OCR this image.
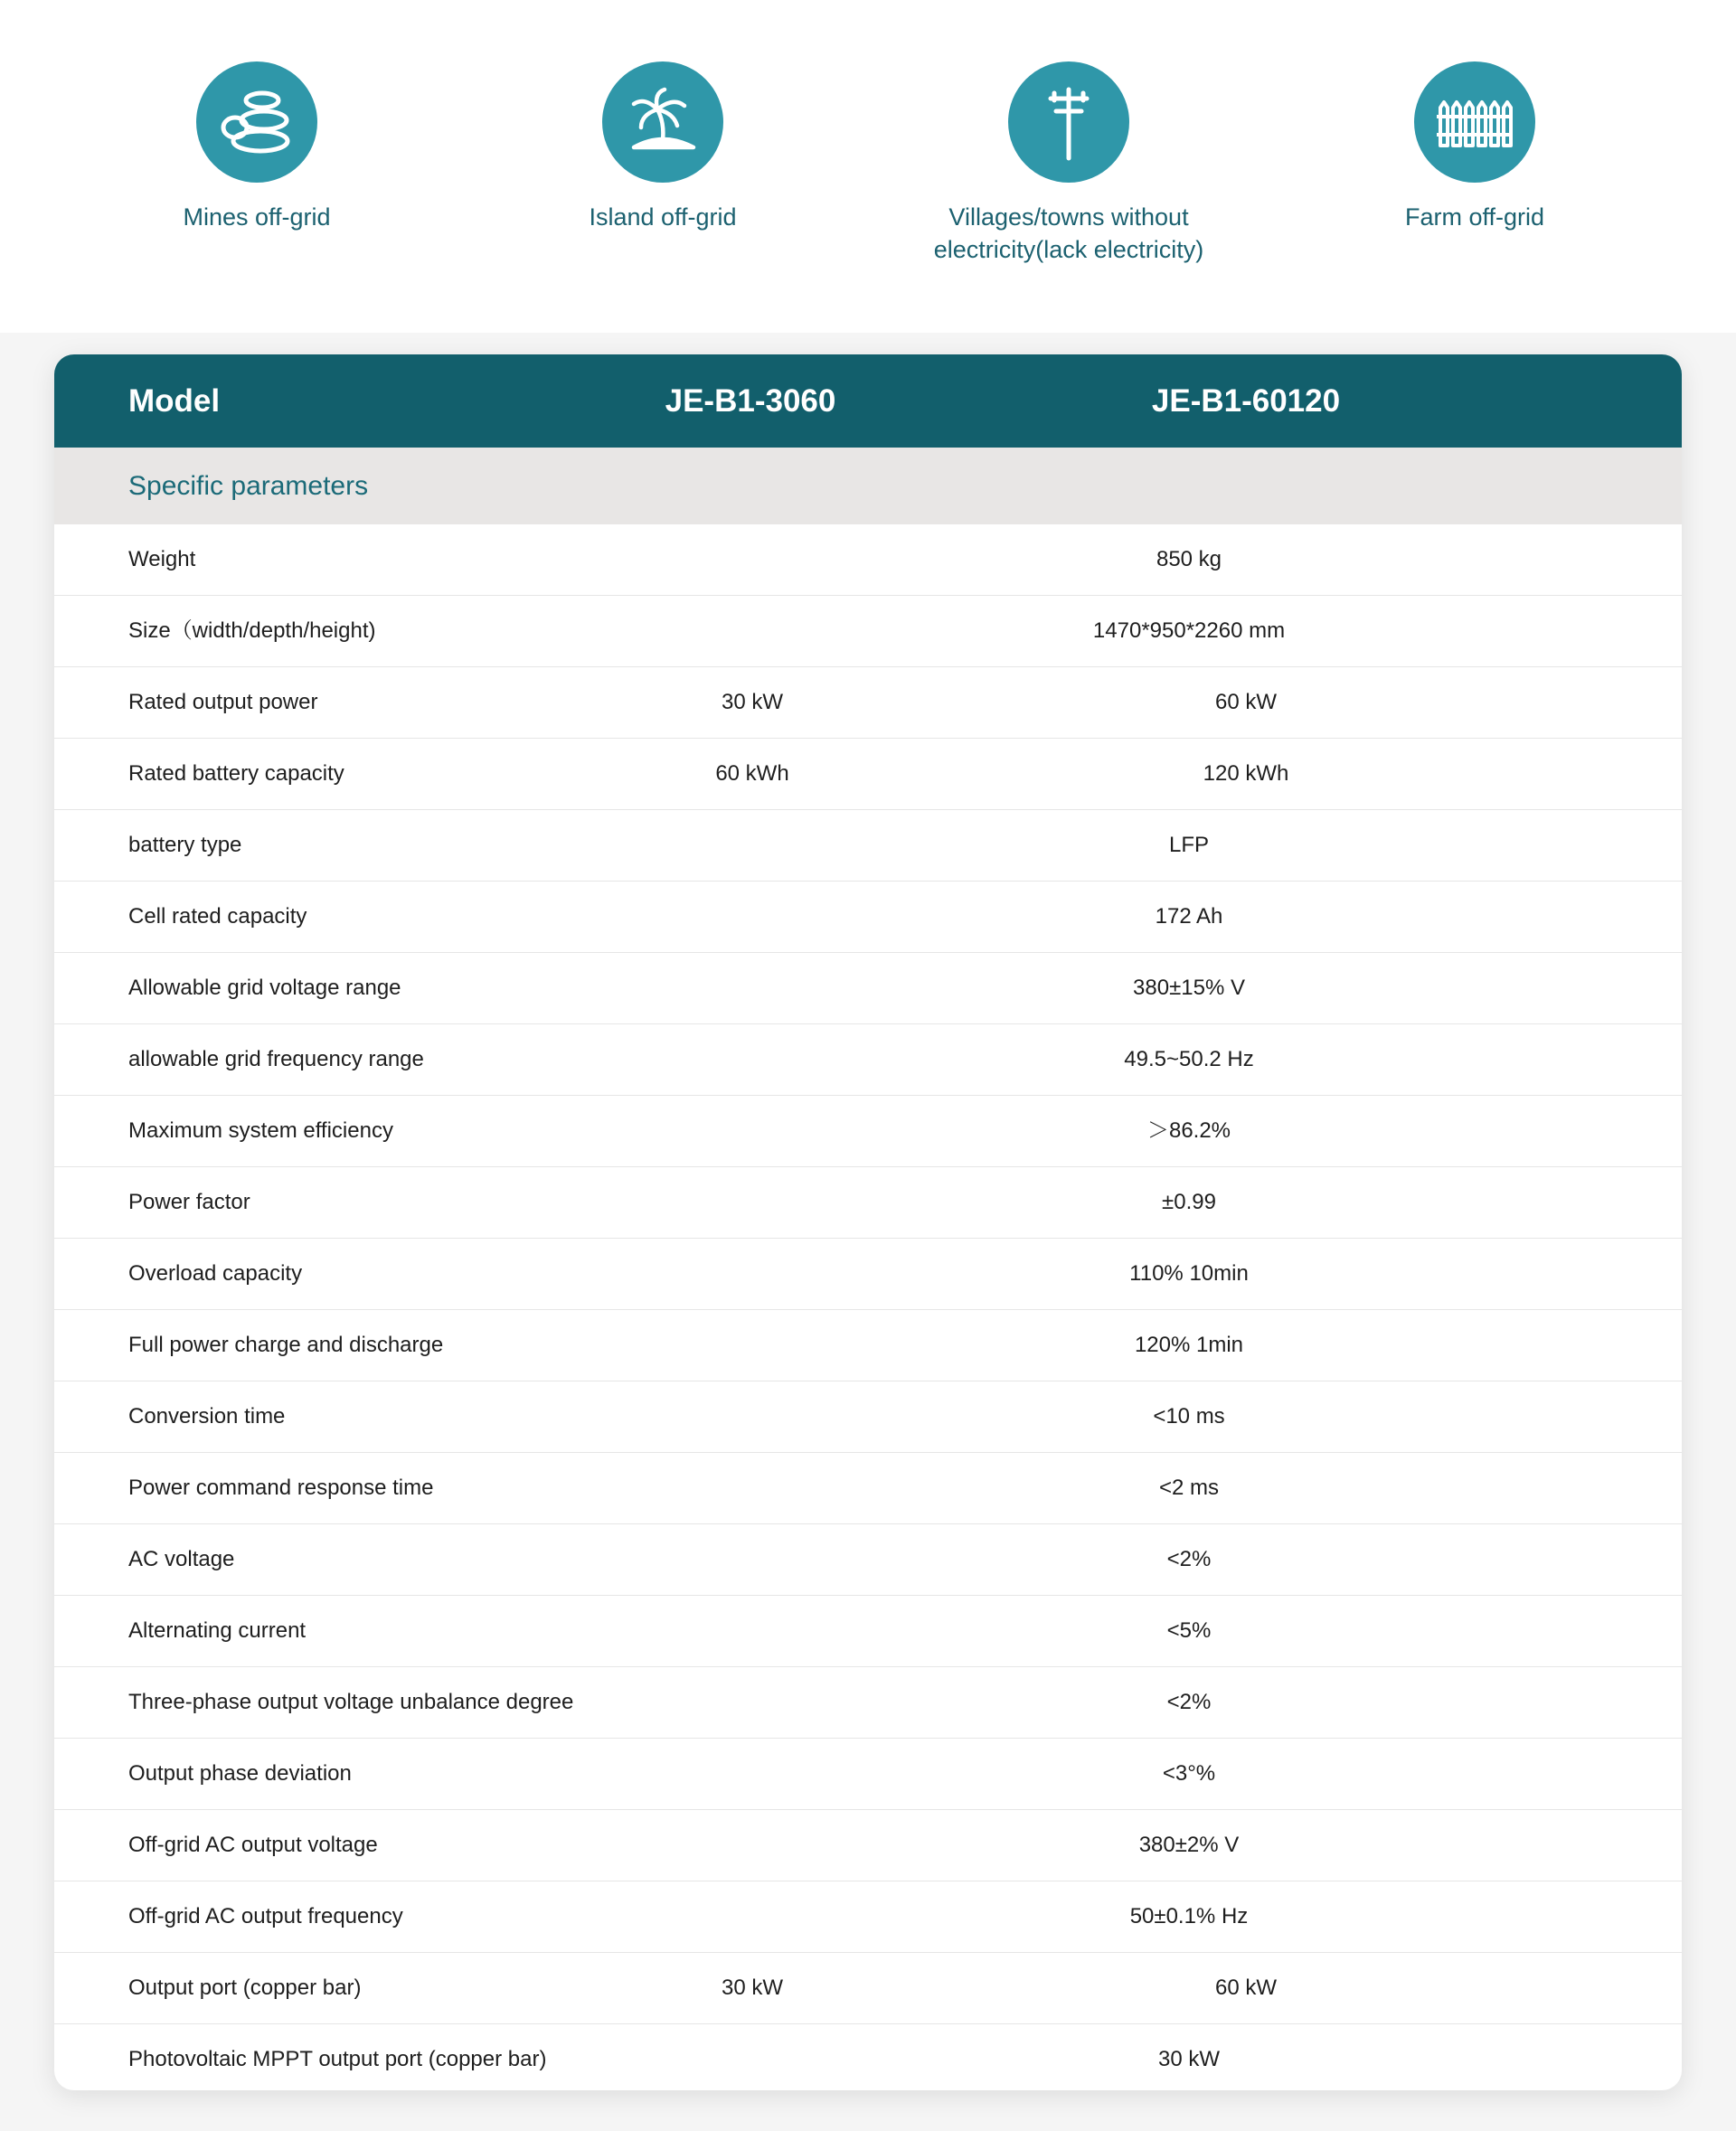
Mines off-grid	Island off-grid	Villages/towns without
electricity(lack electricity)
Farm off-grid
Model	JE-B1-3060	JE-B1-60120
Specific parameters
Weight	850 kg
Size（width/depth/height)	1470*950*2260 mm
Rated output power	30 kW	60 kW
Rated battery capacity	60 kWh	120 kWh
battery type	LFP
Cell rated capacity	172 Ah
Allowable grid voltage range	380±15% V
allowable grid frequency range	49.5~50.2 Hz
Maximum system efficiency	＞86.2%
Power factor	±0.99
Overload capacity	110% 10min
Full power charge and discharge	120% 1min
Conversion time	<10 ms
Power command response time	<2 ms
AC voltage	<2%
Alternating current	<5%
Three-phase output voltage unbalance degree	<2%
Output phase deviation	<3°%
Off-grid AC output voltage	380±2% V
Off-grid AC output frequency	50±0.1% Hz
Output port (copper bar)	30 kW	60 kW
Photovoltaic MPPT output port (copper bar)	30 kW
